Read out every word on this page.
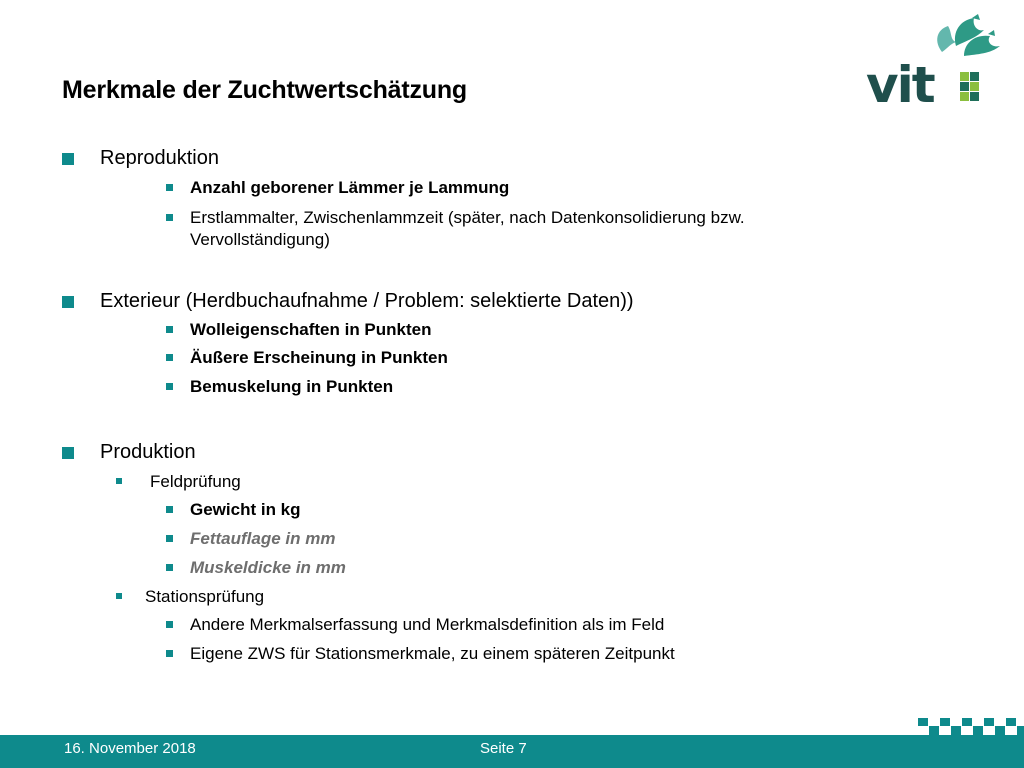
Merkmale der Zuchtwertschätzung	vit
Reproduktion
Anzahl geborener Lämmer je Lammung
Erstlammalter, Zwischenlammzeit (später, nach Datenkonsolidierung bzw.
Vervollständigung)
Exterieur (Herdbuchaufnahme / Problem: selektierte Daten))
Wolleigenschaften in Punkten
Äußere Erscheinung in Punkten
Bemuskelung in Punkten
Produktion
Feldprüfung
Gewicht in kg
Fettauflage in mm
Muskeldicke in mm
Stationsprüfung
Andere Merkmalserfassung und Merkmalsdefinition als im Feld
Eigene ZWS für Stationsmerkmale, zu einem späteren Zeitpunkt
16. November 2018	Seite 7
